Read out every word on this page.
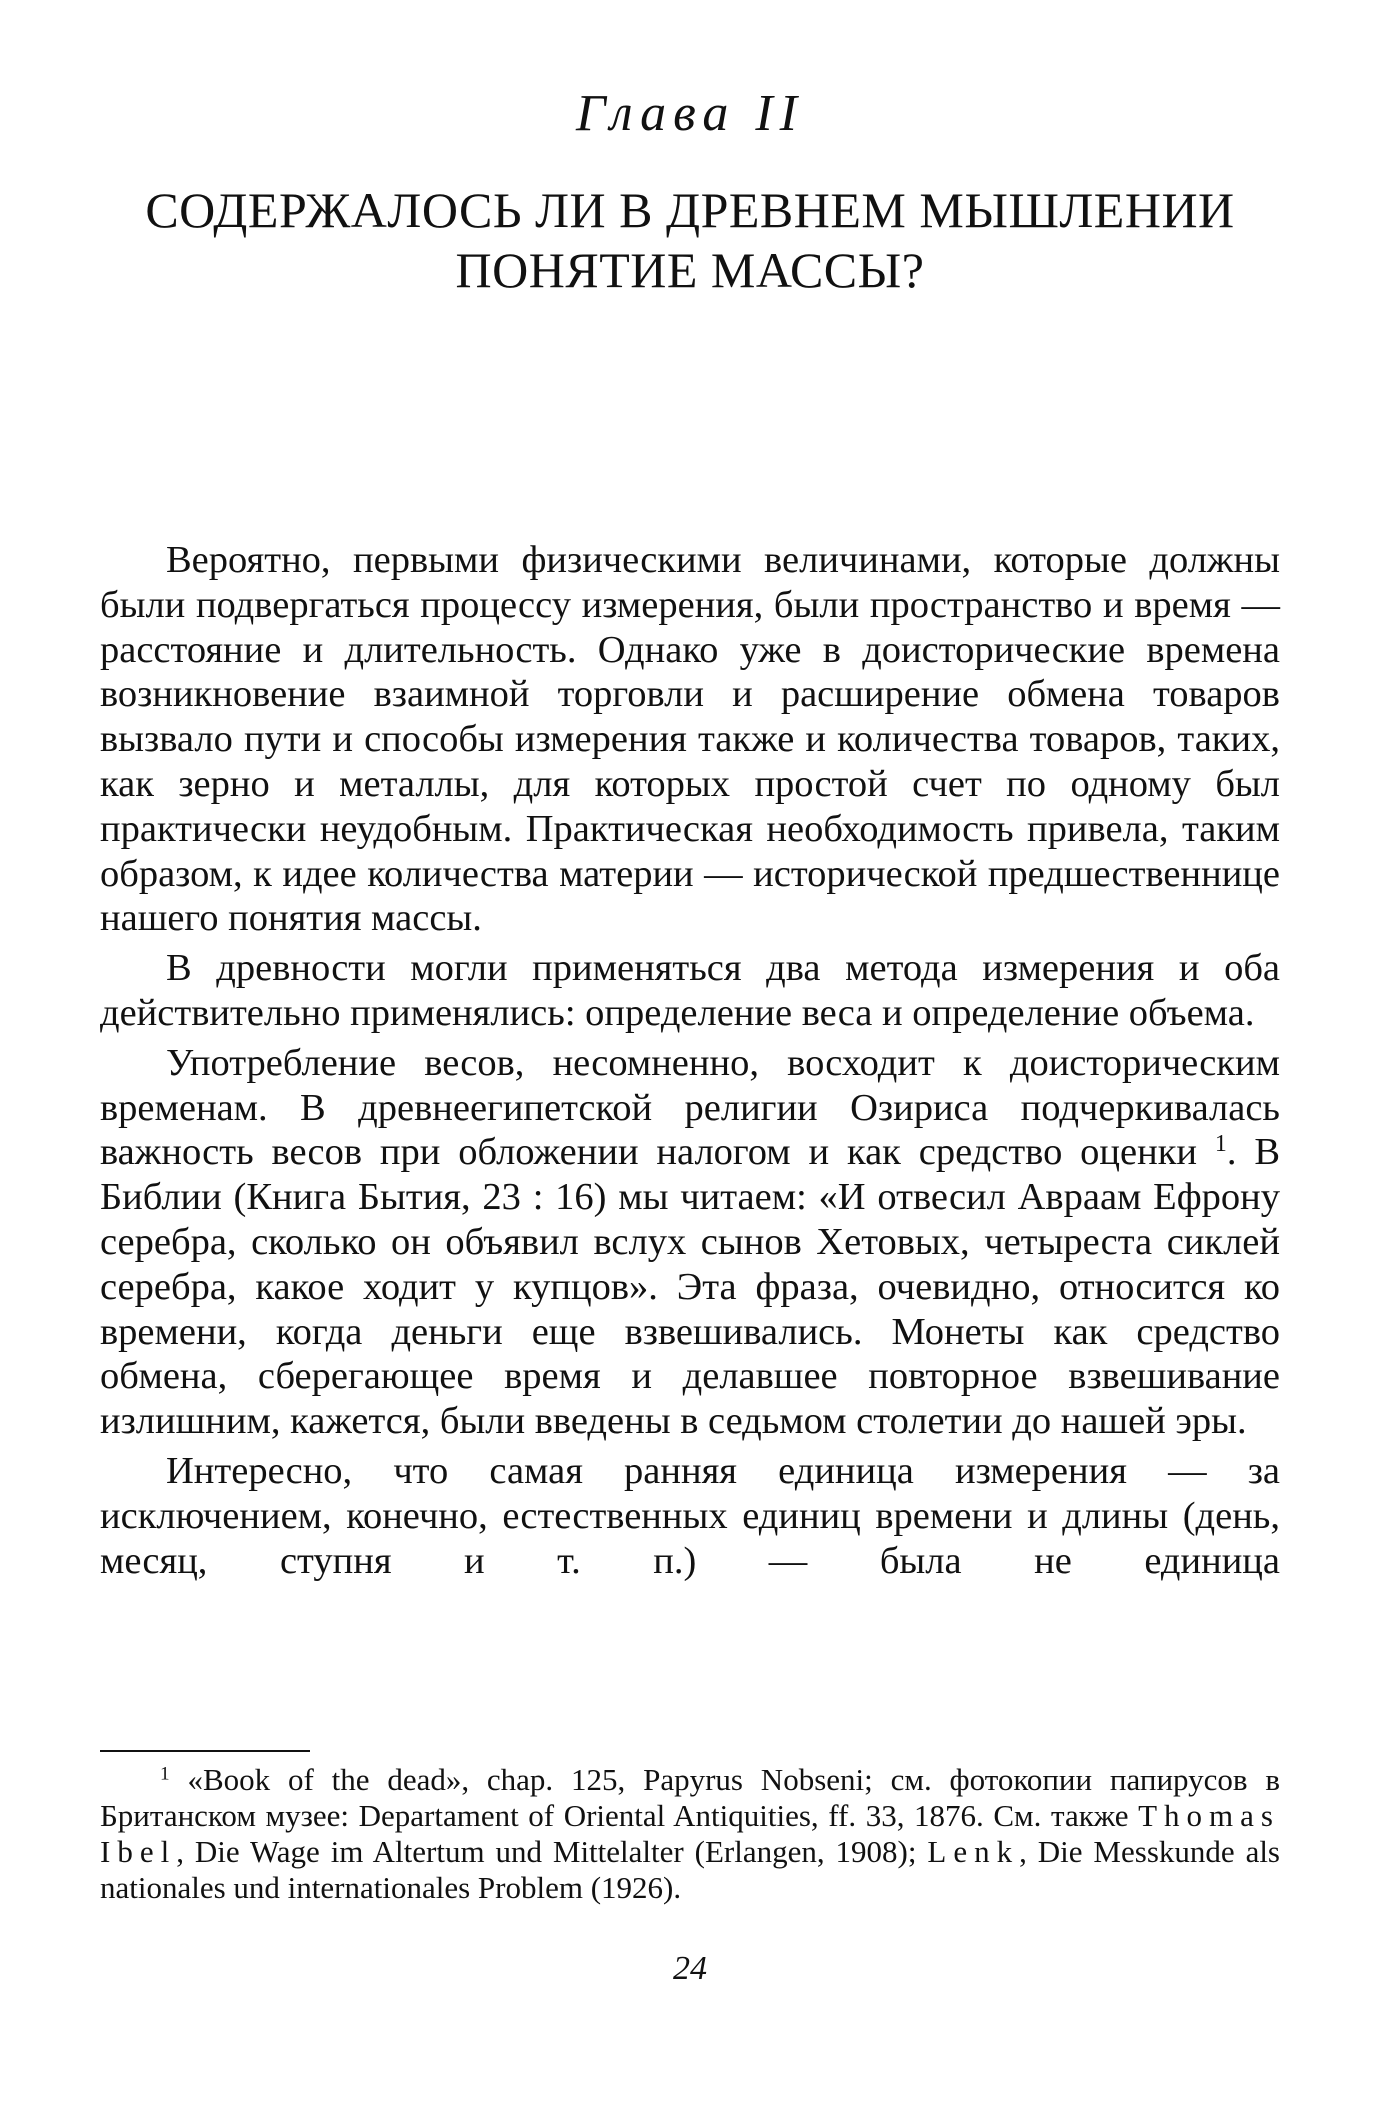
Глава II
СОДЕРЖАЛОСЬ ЛИ В ДРЕВНЕМ МЫШЛЕНИИ
ПОНЯТИЕ МАССЫ?

Вероятно, первыми физическими величинами, которые должны были подвергаться процессу измерения, были пространство и время — расстояние и длительность. Однако уже в доисторические времена возникновение взаимной торговли и расширение обмена товаров вызвало пути и способы измерения также и количества товаров, таких, как зерно и металлы, для которых простой счет по одному был практически неудобным. Практическая необходимость привела, таким образом, к идее количества материи — исторической предшественнице нашего понятия массы.

В древности могли применяться два метода измерения и оба действительно применялись: определение веса и определение объема.

Употребление весов, несомненно, восходит к доисторическим временам. В древнеегипетской религии Озириса подчеркивалась важность весов при обложении налогом и как средство оценки $^1$. В Библии (Книга Бытия, 23 : 16) мы читаем: «И отвесил Авраам Ефрону серебра, сколько он объявил вслух сынов Хетовых, четыреста сиклей серебра, какое ходит у купцов». Эта фраза, очевидно, относится ко времени, когда деньги еще взвешивались. Монеты как средство обмена, сберегающее время и делавшее повторное взвешивание излишним, кажется, были введены в седьмом столетии до нашей эры.

Интересно, что самая ранняя единица измерения — за исключением, конечно, естественных единиц времени и длины (день, месяц, ступня и т. п.) — была не единица

$^1$ «Book of the dead», chap. 125, Papyrus Nobseni; см. фотокопии папирусов в Британском музее: Departament of Oriental Antiquities, ff. 33, 1876. См. также Thomas Ibel, Die Wage im Altertum und Mittelalter (Erlangen, 1908); Lenk, Die Messkunde als nationales und internationales Problem (1926).

24
